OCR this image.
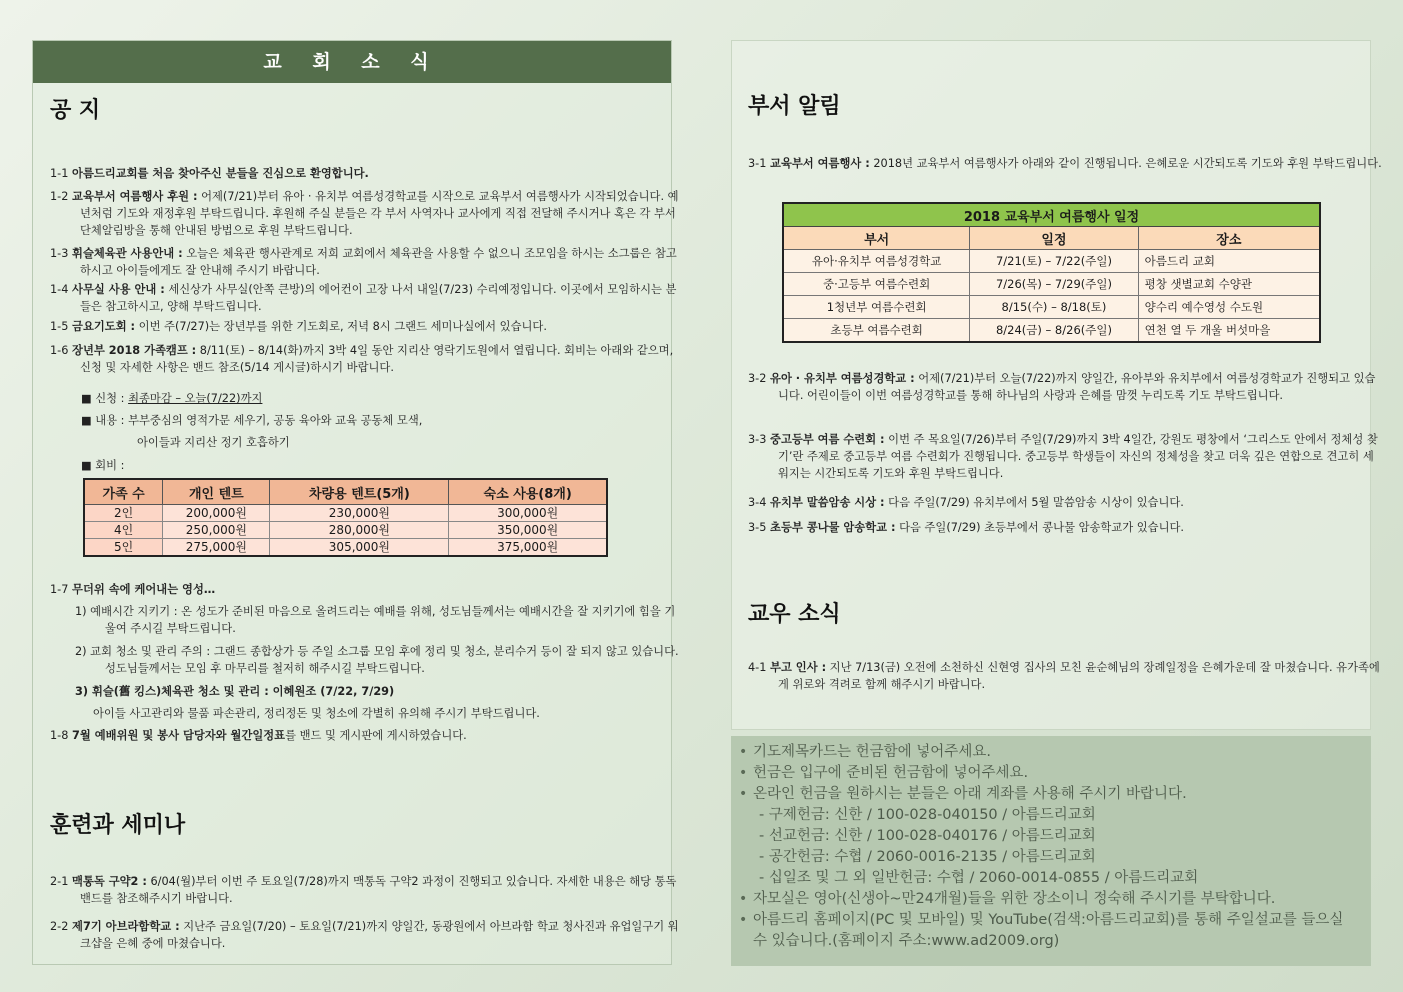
교 회 소 식
공 지
1-1 아름드리교회를 처음 찾아주신 분들을 진심으로 환영합니다.
1-2 교육부서 여름행사 후원 : 어제(7/21)부터 유아 · 유치부 여름성경학교를 시작으로 교육부서 여름행사가 시작되었습니다. 예년처럼 기도와 재정후원 부탁드립니다. 후원해 주실 분들은 각 부서 사역자나 교사에게 직접 전달해 주시거나 혹은 각 부서 단체알림방을 통해 안내된 방법으로 후원 부탁드립니다.
1-3 휘슬체육관 사용안내 : 오늘은 체육관 행사관계로 저희 교회에서 체육관을 사용할 수 없으니 조모임을 하시는 소그룹은 참고하시고 아이들에게도 잘 안내해 주시기 바랍니다.
1-4 사무실 사용 안내 : 세신상가 사무실(안쪽 큰방)의 에어컨이 고장 나서 내일(7/23) 수리예정입니다. 이곳에서 모임하시는 분들은 참고하시고, 양해 부탁드립니다.
1-5 금요기도회 : 이번 주(7/27)는 장년부를 위한 기도회로, 저녁 8시 그랜드 세미나실에서 있습니다.
1-6 장년부 2018 가족캠프 : 8/11(토) – 8/14(화)까지 3박 4일 동안 지리산 영락기도원에서 열립니다. 회비는 아래와 같으며, 신청 및 자세한 사항은 밴드 참조(5/14 게시글)하시기 바랍니다.
■ 신청 : 최종마감 – 오늘(7/22)까지
■ 내용 : 부부중심의 영적가문 세우기, 공동 육아와 교육 공동체 모색,
아이들과 지리산 정기 호흡하기
■ 회비 :
가족 수	개인 텐트	차량용 텐트(5개)	숙소 사용(8개)
2인	200,000원	230,000원	300,000원
4인	250,000원	280,000원	350,000원
5인	275,000원	305,000원	375,000원
1-7 무더위 속에 케어내는 영성…
1) 예배시간 지키기 : 온 성도가 준비된 마음으로 올려드리는 예배를 위해, 성도님들께서는 예배시간을 잘 지키기에 힘을 기울여 주시길 부탁드립니다.
2) 교회 청소 및 관리 주의 : 그랜드 종합상가 등 주일 소그룹 모임 후에 정리 및 청소, 분리수거 등이 잘 되지 않고 있습니다. 성도님들께서는 모임 후 마무리를 철저히 해주시길 부탁드립니다.
3) 휘슬(舊 킹스)체육관 청소 및 관리 : 이혜원조 (7/22, 7/29)
아이들 사고관리와 물품 파손관리, 정리정돈 및 청소에 각별히 유의해 주시기 부탁드립니다.
1-8 7월 예배위원 및 봉사 담당자와 월간일정표를 밴드 및 게시판에 게시하였습니다.
훈련과 세미나
2-1 맥통독 구약2 : 6/04(월)부터 이번 주 토요일(7/28)까지 맥통독 구약2 과정이 진행되고 있습니다. 자세한 내용은 해당 통독 밴드를 참조해주시기 바랍니다.
2-2 제7기 아브라함학교 : 지난주 금요일(7/20) – 토요일(7/21)까지 양일간, 동광원에서 아브라함 학교 청사진과 유업일구기 워크샵을 은혜 중에 마쳤습니다.
부서 알림
3-1 교육부서 여름행사 : 2018년 교육부서 여름행사가 아래와 같이 진행됩니다. 은혜로운 시간되도록 기도와 후원 부탁드립니다.
2018 교육부서 여름행사 일정		
부서	일정	장소
유아·유치부 여름성경학교	7/21(토) – 7/22(주일)	아름드리 교회
중·고등부 여름수련회	7/26(목) – 7/29(주일)	평창 샛별교회 수양관
1청년부 여름수련회	8/15(수) – 8/18(토)	양수리 예수영성 수도원
초등부 여름수련회	8/24(금) – 8/26(주일)	연천 열 두 개울 버섯마을
3-2 유아 · 유치부 여름성경학교 : 어제(7/21)부터 오늘(7/22)까지 양일간, 유아부와 유치부에서 여름성경학교가 진행되고 있습니다. 어린이들이 이번 여름성경학교를 통해 하나님의 사랑과 은혜를 맘껏 누리도록 기도 부탁드립니다.
3-3 중고등부 여름 수련회 : 이번 주 목요일(7/26)부터 주일(7/29)까지 3박 4일간, 강원도 평창에서 ‘그리스도 안에서 정체성 찾기’란 주제로 중고등부 여름 수련회가 진행됩니다. 중고등부 학생들이 자신의 정체성을 찾고 더욱 깊은 연합으로 견고히 세워지는 시간되도록 기도와 후원 부탁드립니다.
3-4 유치부 말씀암송 시상 : 다음 주일(7/29) 유치부에서 5월 말씀암송 시상이 있습니다.
3-5 초등부 콩나물 암송학교 : 다음 주일(7/29) 초등부에서 콩나물 암송학교가 있습니다.
교우 소식
4-1 부고 인사 : 지난 7/13(금) 오전에 소천하신 신현영 집사의 모친 윤순혜님의 장례일정을 은혜가운데 잘 마쳤습니다. 유가족에게 위로와 격려로 함께 해주시기 바랍니다.
• 기도제목카드는 헌금함에 넣어주세요.
• 헌금은 입구에 준비된 헌금함에 넣어주세요.
• 온라인 헌금을 원하시는 분들은 아래 계좌를 사용해 주시기 바랍니다.
- 구제헌금: 신한 / 100-028-040150 / 아름드리교회
- 선교헌금: 신한 / 100-028-040176 / 아름드리교회
- 공간헌금: 수협 / 2060-0016-2135 / 아름드리교회
- 십일조 및 그 외 일반헌금: 수협 / 2060-0014-0855 / 아름드리교회
• 자모실은 영아(신생아~만24개월)들을 위한 장소이니 정숙해 주시기를 부탁합니다.
• 아름드리 홈페이지(PC 및 모바일) 및 YouTube(검색:아름드리교회)를 통해 주일설교를 들으실 수 있습니다.(홈페이지 주소:www.ad2009.org)
